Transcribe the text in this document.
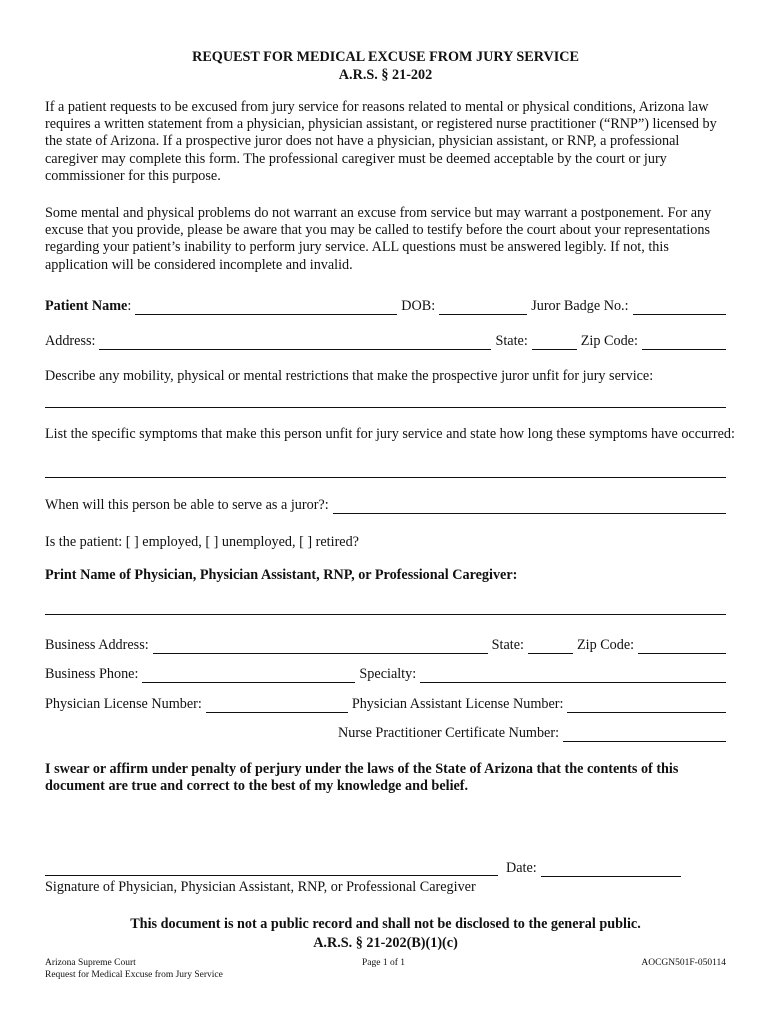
REQUEST FOR MEDICAL EXCUSE FROM JURY SERVICE
A.R.S. § 21-202

If a patient requests to be excused from jury service for reasons related to mental or physical conditions, Arizona law requires a written statement from a physician, physician assistant, or registered nurse practitioner (“RNP”) licensed by the state of Arizona. If a prospective juror does not have a physician, physician assistant, or RNP, a professional caregiver may complete this form. The professional caregiver must be deemed acceptable by the court or jury commissioner for this purpose.

Some mental and physical problems do not warrant an excuse from service but may warrant a postponement. For any excuse that you provide, please be aware that you may be called to testify before the court about your representations regarding your patient’s inability to perform jury service. ALL questions must be answered legibly. If not, this application will be considered incomplete and invalid.

Patient Name :	DOB:	Juror Badge No.:
Address:	State:	Zip Code:
Describe any mobility, physical or mental restrictions that make the prospective juror unfit for jury service:
List the specific symptoms that make this person unfit for jury service and state how long these symptoms have occurred:
When will this person be able to serve as a juror?:
Is the patient: [ ] employed, [ ] unemployed, [ ] retired?
Print Name of Physician, Physician Assistant, RNP, or Professional Caregiver:
Business Address:	State:	Zip Code:
Business Phone:	Specialty:
Physician License Number:	Physician Assistant License Number:
Nurse Practitioner Certificate Number:
I swear or affirm under penalty of perjury under the laws of the State of Arizona that the contents of this document are true and correct to the best of my knowledge and belief.
Date:
Signature of Physician, Physician Assistant, RNP, or Professional Caregiver
This document is not a public record and shall not be disclosed to the general public.
A.R.S. § 21-202(B)(1)(c)
Arizona Supreme Court
Request for Medical Excuse from Jury Service
Page 1 of 1	AOCGN501F-050114
